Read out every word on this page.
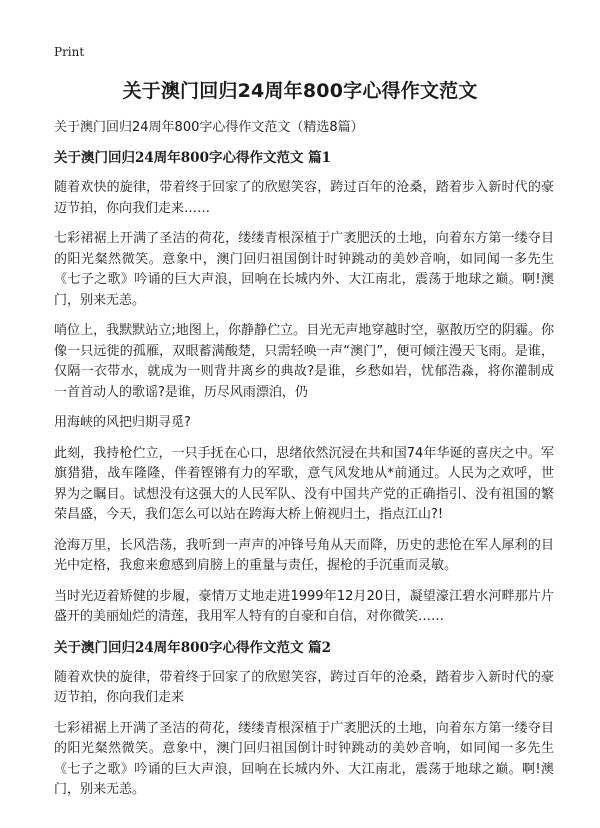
Print
关于澳门回归24周年800字心得作文范文

关于澳门回归24周年800字心得作文范文（精选8篇）

关于澳门回归24周年800字心得作文范文 篇1

随着欢快的旋律，带着终于回家了的欣慰笑容，跨过百年的沧桑，踏着步入新时代的豪迈节拍，你向我们走来……

七彩裙裾上开满了圣洁的荷花，缕缕青根深植于广袤肥沃的土地，向着东方第一缕夺目的阳光粲然微笑。意象中，澳门回归祖国倒计时钟跳动的美妙音响，如同闻一多先生《七子之歌》吟诵的巨大声浪，回响在长城内外、大江南北，震荡于地球之巅。啊!澳门，别来无恙。

哨位上，我默默站立;地图上，你静静伫立。目光无声地穿越时空，驱散历空的阴霾。你像一只远徙的孤雁，双眼蓄满酸楚，只需轻唤一声“澳门”，便可倾注漫天飞雨。是谁，仅隔一衣带水，就成为一则背井离乡的典故?是谁，乡愁如岩，忧郁浩淼，将你灌制成一首首动人的歌谣?是谁，历尽风雨漂泊，仍

用海峡的风把归期寻觅?

此刻，我持枪伫立，一只手抚在心口，思绪依然沉浸在共和国74年华诞的喜庆之中。军旗猎猎，战车隆隆，伴着铿锵有力的军歌，意气风发地从*前通过。人民为之欢呼，世界为之瞩目。试想没有这强大的人民军队、没有中国共产党的正确指引、没有祖国的繁荣昌盛，今天，我们怎么可以站在跨海大桥上俯视归土，指点江山?!

沧海万里，长风浩荡，我听到一声声的冲锋号角从天而降，历史的悲怆在军人犀利的目光中定格，我愈来愈感到肩膀上的重量与责任，握枪的手沉重而灵敏。

当时光迈着矫健的步履，豪情万丈地走进1999年12月20日，凝望濠江碧水河畔那片片盛开的美丽灿烂的清莲，我用军人特有的自豪和自信，对你微笑……

关于澳门回归24周年800字心得作文范文 篇2

随着欢快的旋律，带着终于回家了的欣慰笑容，跨过百年的沧桑，踏着步入新时代的豪迈节拍，你向我们走来

七彩裙裾上开满了圣洁的荷花，缕缕青根深植于广袤肥沃的土地，向着东方第一缕夺目的阳光粲然微笑。意象中，澳门回归祖国倒计时钟跳动的美妙音响，如同闻一多先生《七子之歌》吟诵的巨大声浪，回响在长城内外、大江南北，震荡于地球之巅。啊!澳门，别来无恙。
